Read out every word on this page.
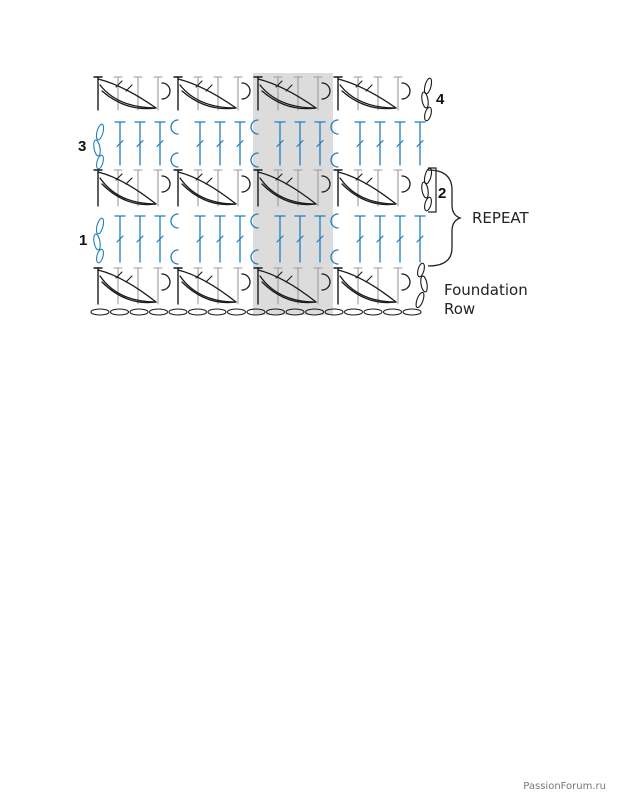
4
3
2
1
REPEAT
Foundation
Row
PassionForum.ru
